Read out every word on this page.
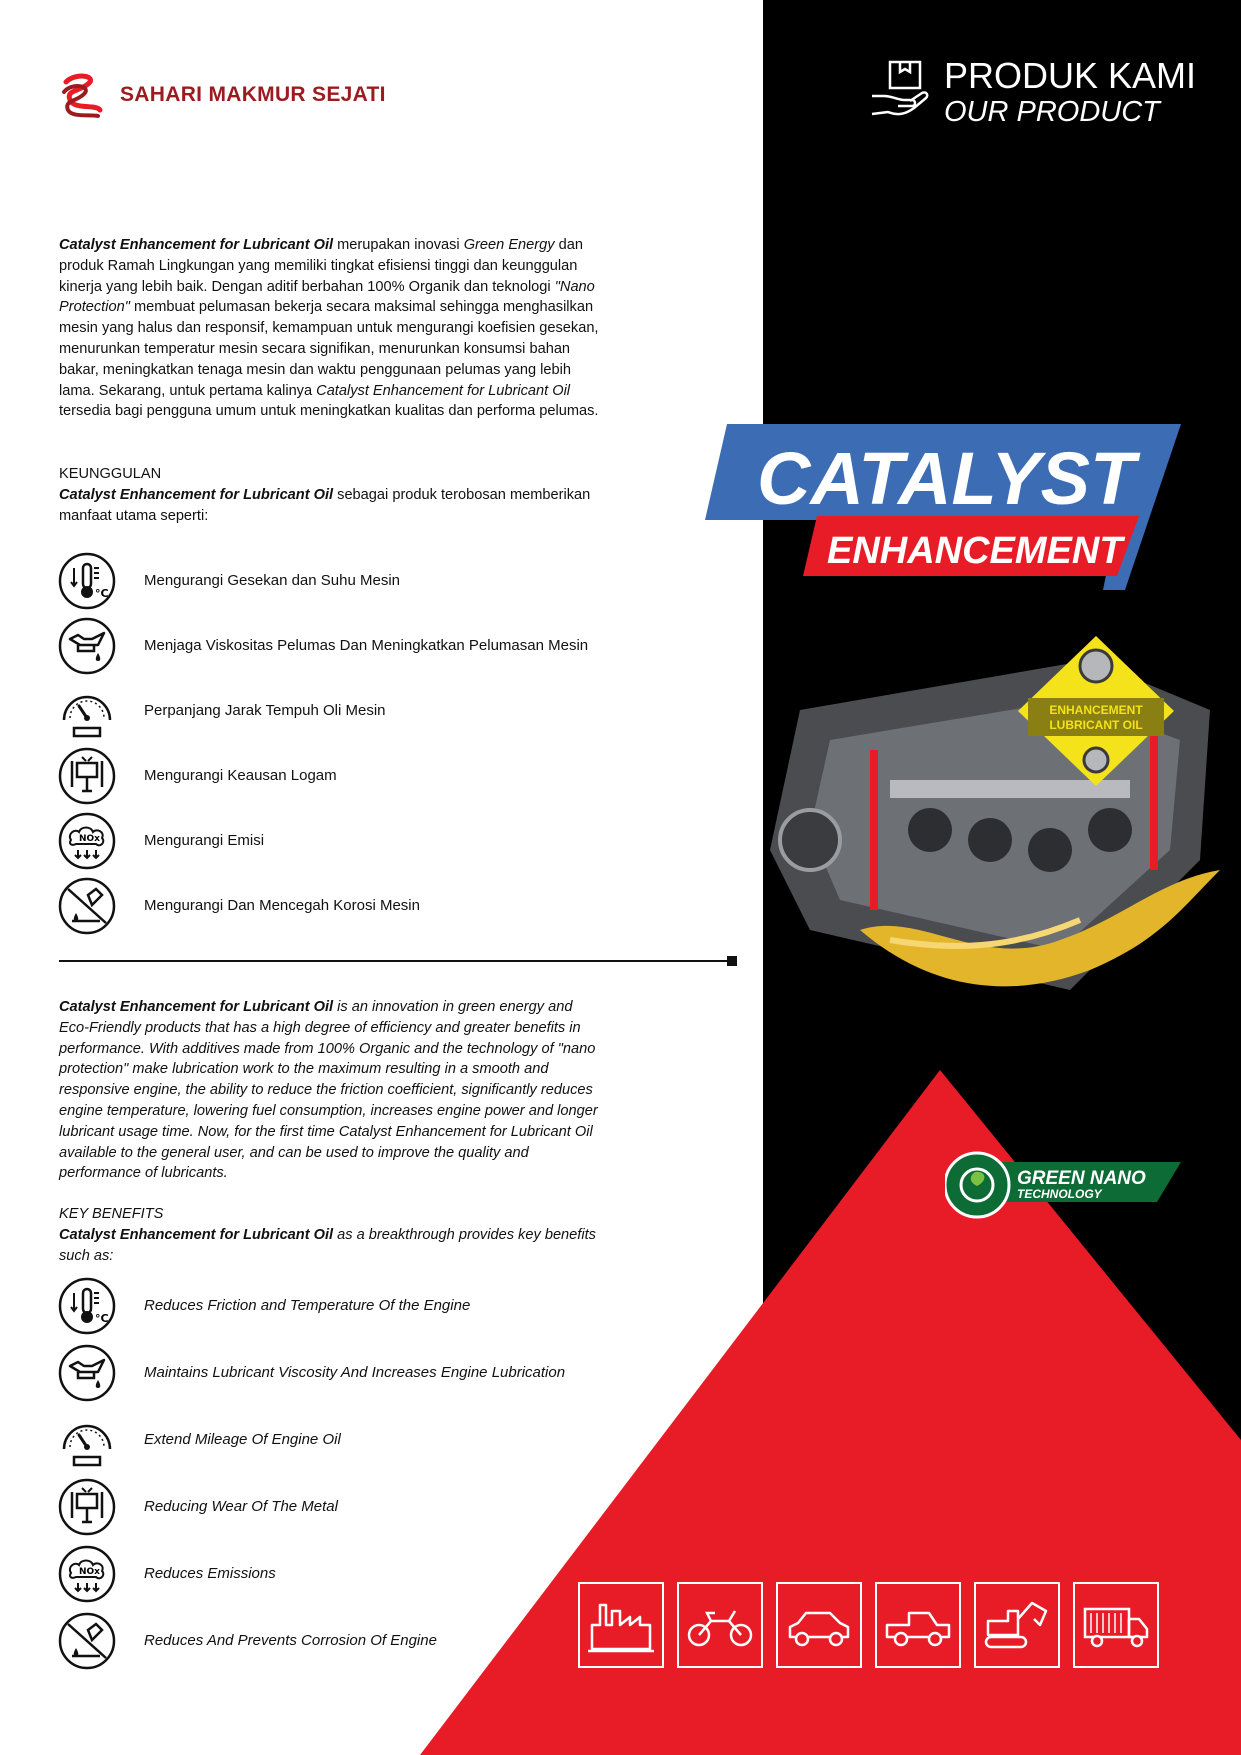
SAHARI MAKMUR SEJATI	PRODUK KAMI
OUR PRODUCT
Catalyst Enhancement for Lubricant Oil merupakan inovasi Green Energy dan produk Ramah Lingkungan yang memiliki tingkat efisiensi tinggi dan keunggulan kinerja yang lebih baik. Dengan aditif berbahan 100% Organik dan teknologi "Nano Protection" membuat pelumasan bekerja secara maksimal sehingga menghasilkan mesin yang halus dan responsif, kemampuan untuk mengurangi koefisien gesekan, menurunkan temperatur mesin secara signifikan, menurunkan konsumsi bahan bakar, meningkatkan tenaga mesin dan waktu penggunaan pelumas yang lebih lama. Sekarang, untuk pertama kalinya Catalyst Enhancement for Lubricant Oil tersedia bagi pengguna umum untuk meningkatkan kualitas dan performa pelumas.
KEUNGGULAN
Catalyst Enhancement for Lubricant Oil sebagai produk terobosan memberikan manfaat utama seperti:
°C
Mengurangi Gesekan dan Suhu Mesin
Menjaga Viskositas Pelumas Dan Meningkatkan Pelumasan Mesin
Perpanjang Jarak Tempuh Oli Mesin
Mengurangi Keausan Logam
NOx	Mengurangi Emisi
Mengurangi Dan Mencegah Korosi Mesin
Catalyst Enhancement for Lubricant Oil is an innovation in green energy and Eco-Friendly products that has a high degree of efficiency and greater benefits in performance. With additives made from 100% Organic and the technology of "nano protection" make lubrication work to the maximum resulting in a smooth and responsive engine, the ability to reduce the friction coefficient, significantly reduces engine temperature, lowering fuel consumption, increases engine power and longer lubricant usage time. Now, for the first time Catalyst Enhancement for Lubricant Oil available to the general user, and can be used to improve the quality and performance of lubricants.
KEY BENEFITS
Catalyst Enhancement for Lubricant Oil as a breakthrough provides key benefits such as:
°C
Reduces Friction and Temperature Of the Engine
Maintains Lubricant Viscosity And Increases Engine Lubrication
Extend Mileage Of Engine Oil
Reducing Wear Of The Metal
NOx	Reduces Emissions
Reduces And Prevents Corrosion Of Engine
CATALYST
ENHANCEMENT
ENHANCEMENT
LUBRICANT OIL
GREEN NANO
TECHNOLOGY
